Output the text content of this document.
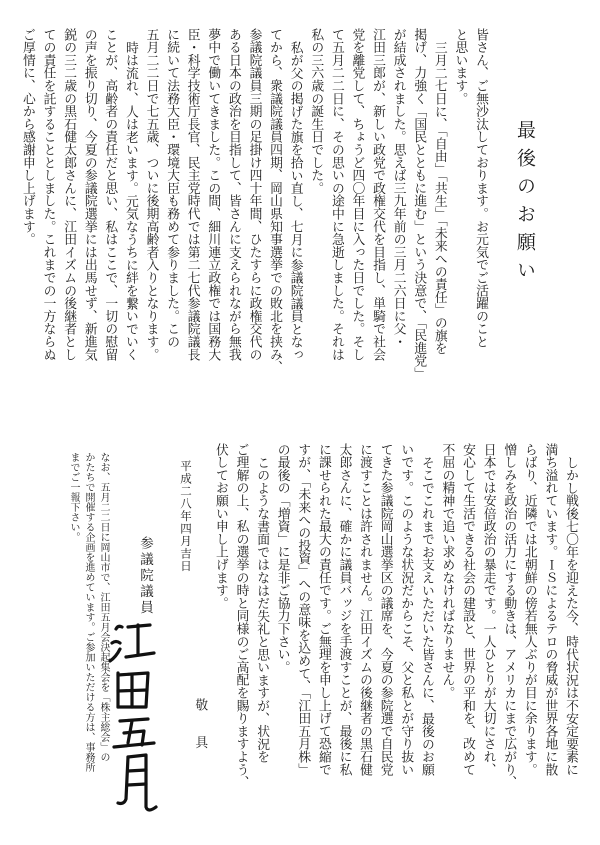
最後のお願い

皆さん、ご無沙汰しております。お元気でご活躍のこと
と思います。

三月二七日に、「自由」「共生」「未来への責任」の旗を
掲げ、力強く「国民とともに進む」という決意で、「民進党」
が結成されました。思えば三九年前の三月二六日に父・
江田三郎が、新しい政党で政権交代を目指し、単騎で社会
党を離党して、ちょうど四〇年目に入った日でした。そし
て五月二二日に、その思いの途中に急逝しました。それは
私の三六歳の誕生日でした。

私が父の掲げた旗を拾い直し、七月に参議院議員となっ
てから、衆議院議員四期、岡山県知事選挙での敗北を挟み、
参議院議員三期の足掛け四十年間、ひたすらに政権交代の
ある日本の政治を目指して、皆さんに支えられながら無我
夢中で働いてきました。この間、細川連立政権では国務大
臣・科学技術庁長官、民主党時代では第二七代参議院議長
に続いて法務大臣・環境大臣も務めて参りました。この
五月二二日で七五歳、ついに後期高齢者入りとなります。

時は流れ、人は老います。元気なうちに絆を繋いでいく
ことが、高齢者の責任だと思い、私はここで、一切の慰留
の声を振り切り、今夏の参議院選挙には出馬せず、新進気
鋭の三二歳の黒石健太郎さんに、江田イズムの後継者とし
ての責任を託することとしました。これまでの一方ならぬ
ご厚情に、心から感謝申し上げます。

しかし戦後七〇年を迎えた今、時代状況は不安定要素に
満ち溢れています。ＩＳによるテロの脅威が世界各地に散
らばり、近隣では北朝鮮の傍若無人ぶりが目に余ります。
憎しみを政治の活力にする動きは、アメリカにまで広がり、
日本では安倍政治の暴走です。一人ひとりが大切にされ、
安心して生活できる社会の建設と、世界の平和を、改めて
不屈の精神で追い求めなければなりません。

そこでこれまでお支えいただいた皆さんに、最後のお願
いです。このような状況だからこそ、父と私とが守り抜い
てきた参議院岡山選挙区の議席を、今夏の参院選で自民党
に渡すことは許されません。江田イズムの後継者の黒石健
太郎さんに、確かに議員バッジを手渡すことが、最後に私
に課せられた最大の責任です。ご無理を申し上げて恐縮で
すが、「未来への投資」への意味を込めて、「江田五月株」
の最後の「増資」に是非ご協力下さい。

このような書面ではなはだ失礼と思いますが、状況を
ご理解の上、私の選挙の時と同様のご高配を賜りますよう、
伏してお願い申し上げます。

敬　具

平成二八年四月吉日
参議院議員

なお、五月二二日に岡山市で、江田五月会決起集会を「株主総会」の
かたちで開催する企画を進めています。ご参加いただける方は、事務所
までご一報下さい。
